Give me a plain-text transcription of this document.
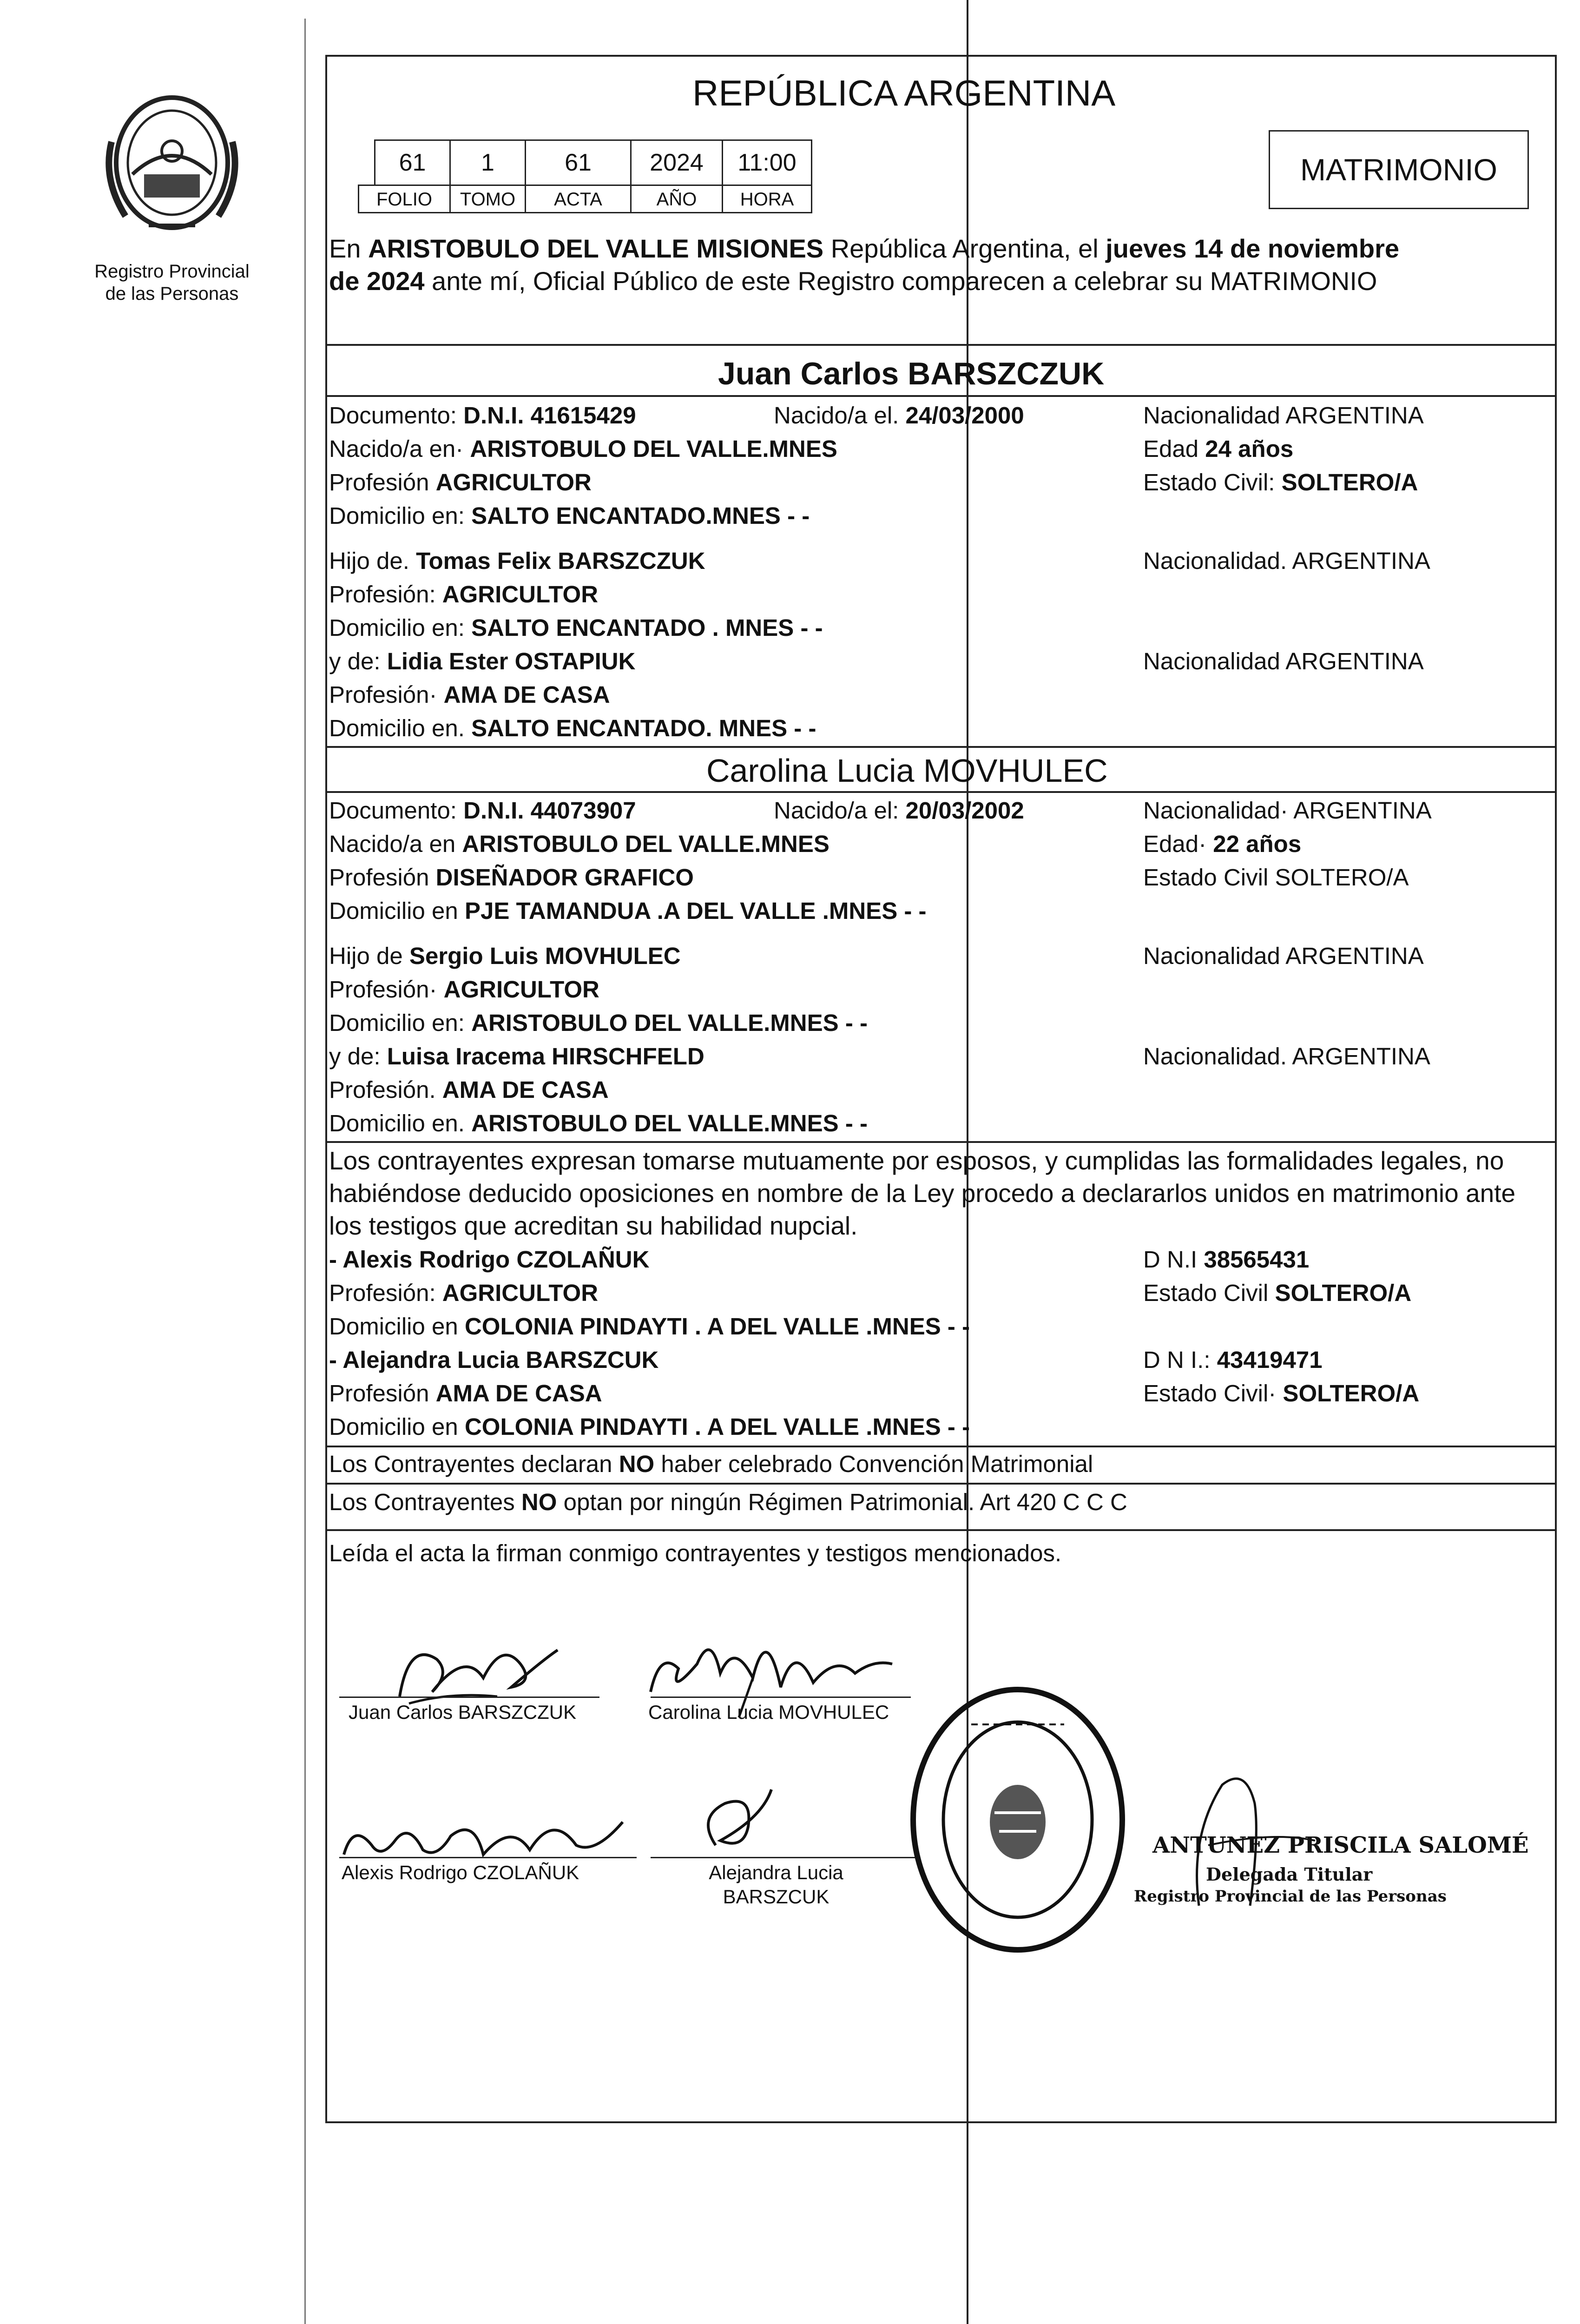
Registro Provincial
de las Personas
REPÚBLICA ARGENTINA
61	1	61	2024	11:00
FOLIO	TOMO	ACTA	AÑO	HORA
MATRIMONIO
En ARISTOBULO DEL VALLE MISIONES República Argentina, el jueves 14 de noviembre
de 2024 ante mí, Oficial Público de este Registro comparecen a celebrar su MATRIMONIO
Juan Carlos BARSZCZUK
Documento: D.N.I. 41615429	Nacido/a el. 24/03/2000	Nacionalidad ARGENTINA
Nacido/a en· ARISTOBULO DEL VALLE.MNES	Edad 24 años
Profesión AGRICULTOR	Estado Civil: SOLTERO/A
Domicilio en: SALTO ENCANTADO.MNES - -
Hijo de. Tomas Felix BARSZCZUK	Nacionalidad. ARGENTINA
Profesión: AGRICULTOR
Domicilio en: SALTO ENCANTADO . MNES - -
y de: Lidia Ester OSTAPIUK	Nacionalidad ARGENTINA
Profesión· AMA DE CASA
Domicilio en. SALTO ENCANTADO. MNES - -
Carolina Lucia MOVHULEC
Documento: D.N.I. 44073907	Nacido/a el: 20/03/2002	Nacionalidad· ARGENTINA
Nacido/a en ARISTOBULO DEL VALLE.MNES	Edad· 22 años
Profesión DISEÑADOR GRAFICO	Estado Civil SOLTERO/A
Domicilio en PJE TAMANDUA .A DEL VALLE .MNES - -
Hijo de Sergio Luis MOVHULEC	Nacionalidad ARGENTINA
Profesión· AGRICULTOR
Domicilio en: ARISTOBULO DEL VALLE.MNES - -
y de: Luisa Iracema HIRSCHFELD	Nacionalidad. ARGENTINA
Profesión. AMA DE CASA
Domicilio en. ARISTOBULO DEL VALLE.MNES - -
Los contrayentes expresan tomarse mutuamente por esposos, y cumplidas las formalidades legales, no
habiéndose deducido oposiciones en nombre de la Ley procedo a declararlos unidos en matrimonio ante
los testigos que acreditan su habilidad nupcial.
- Alexis Rodrigo CZOLAÑUK	D N.I 38565431
Profesión: AGRICULTOR	Estado Civil SOLTERO/A
Domicilio en COLONIA PINDAYTI . A DEL VALLE .MNES - -
- Alejandra Lucia BARSZCUK	D N I.: 43419471
Profesión AMA DE CASA	Estado Civil· SOLTERO/A
Domicilio en COLONIA PINDAYTI . A DEL VALLE .MNES - -
Los Contrayentes declaran NO haber celebrado Convención Matrimonial
Los Contrayentes NO optan por ningún Régimen Patrimonial. Art 420 C C C
Leída el acta la firman conmigo contrayentes y testigos mencionados.
Juan Carlos BARSZCZUK	Carolina Lucia MOVHULEC
Alexis Rodrigo CZOLAÑUK	Alejandra Lucia
BARSZCUK
ANTUNEZ PRISCILA SALOMÉ
Delegada Titular
Registro Provincial de las Personas
